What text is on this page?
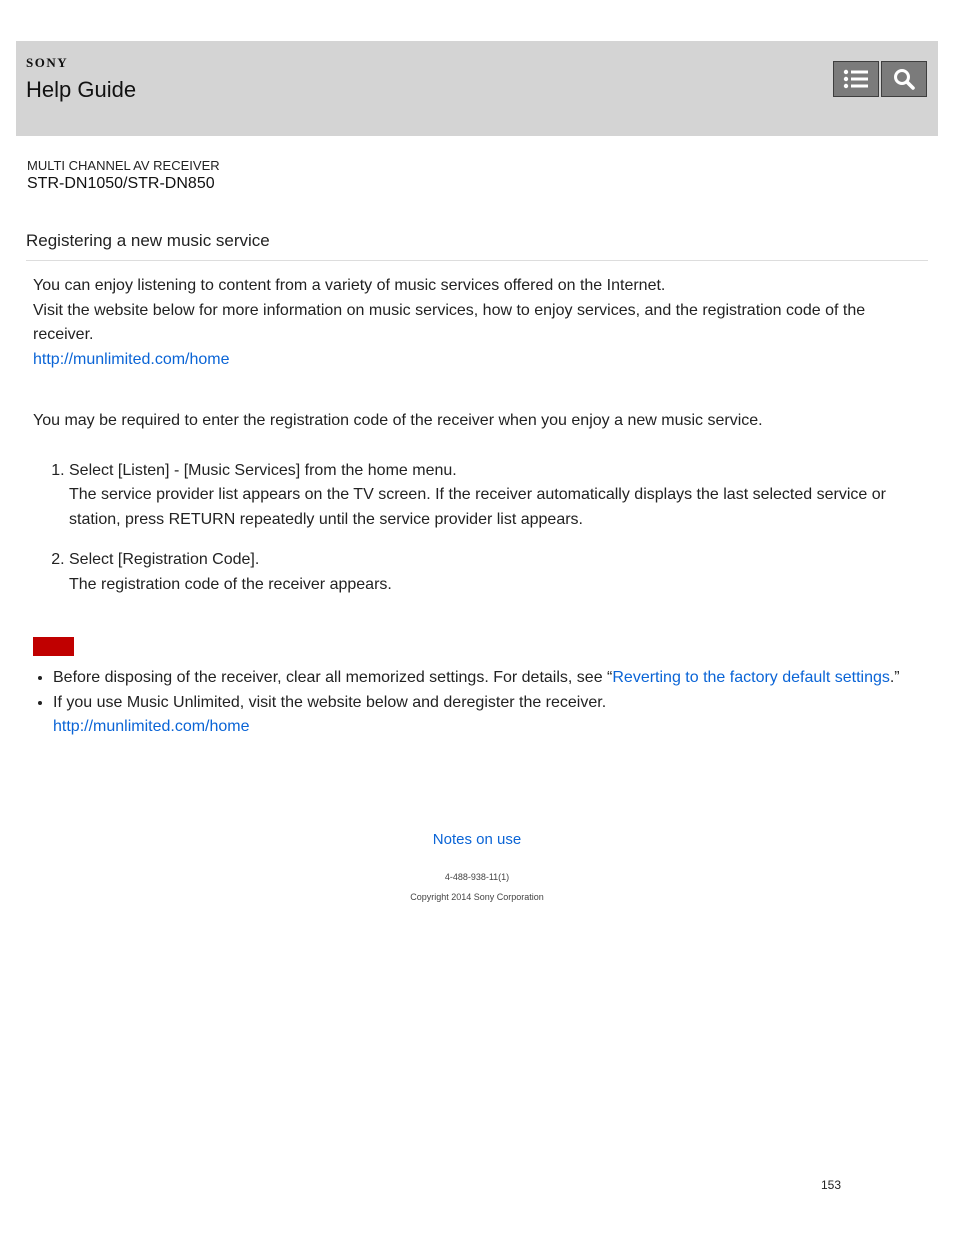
SONY
Help Guide
MULTI CHANNEL AV RECEIVER
STR-DN1050/STR-DN850
Registering a new music service

You can enjoy listening to content from a variety of music services offered on the Internet.

Visit the website below for more information on music services, how to enjoy services, and the registration code of the receiver.

http://munlimited.com/home

You may be required to enter the registration code of the receiver when you enjoy a new music service.

1. Select [Listen] - [Music Services] from the home menu.
The service provider list appears on the TV screen. If the receiver automatically displays the last selected service or station, press RETURN repeatedly until the service provider list appears.
2. Select [Registration Code].
The registration code of the receiver appears.
• Before disposing of the receiver, clear all memorized settings. For details, see “Reverting to the factory default settings.”
• If you use Music Unlimited, visit the website below and deregister the receiver.
http://munlimited.com/home
Notes on use
4-488-938-11(1)
Copyright 2014 Sony Corporation
153
